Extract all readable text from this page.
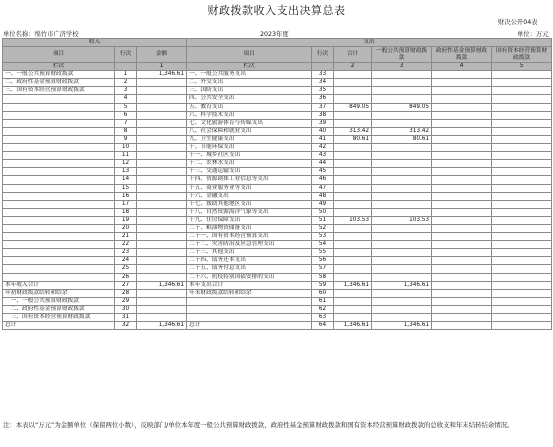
财政拨款收入支出决算总表
财决公开04表
单位名称：绵竹市广济学校	2023年度	单位：万元
收入			支出					
项目	行次	金额	项目	行次	合计	一般公共预算财政拨款	政府性基金预算财政拨款	国有资本经营预算财政拨款
栏次		1	栏次		2	3	4	5
一、一般公共预算财政拨款	1	1,346.61	一、一般公共服务支出	33				
二、政府性基金预算财政拨款	2		二、外交支出	34				
三、国有资本经营预算财政拨款	3		三、国防支出	35				
	4		四、公共安全支出	36				
	5		五、教育支出	37	849.05	849.05		
	6		六、科学技术支出	38				
	7		七、文化旅游体育与传媒支出	39				
	8		八、社会保障和就业支出	40	313.42	313.42		
	9		九、卫生健康支出	41	80.61	80.61		
	10		十、节能环保支出	42				
	11		十一、城乡社区支出	43				
	12		十二、农林水支出	44				
	13		十三、交通运输支出	45				
	14		十四、资源勘探工业信息等支出	46				
	15		十五、商业服务业等支出	47				
	16		十六、金融支出	48				
	17		十七、援助其他地区支出	49				
	18		十八、自然资源海洋气象等支出	50				
	19		十九、住房保障支出	51	103.53	103.53		
	20		二十、粮油物资储备支出	52				
	21		二十一、国有资本经营预算支出	53				
	22		二十二、灾害防治及应急管理支出	54				
	23		二十三、其他支出	55				
	24		二十四、债务还本支出	56				
	25		二十五、债务付息支出	57				
	26		二十六、抗疫特别国债安排的支出	58				
本年收入合计	27	1,346.61	本年支出合计	59	1,346.61	1,346.61		
年初财政拨款结转和结余	28		年末财政拨款结转和结余	60				
　一、一般公共预算财政拨款	29			61				
　二、政府性基金预算财政拨款	30			62				
　三、国有资本经营预算财政拨款	31			63				
总计	32	1,346.61	总计	64	1,346.61	1,346.61		
注：本表以“万元”为金额单位（保留两位小数），反映部门/单位本年度一般公共预算财政拨款、政府性基金预算财政拨款和国有资本经营预算财政拨款的总收支和年末结转结余情况。
